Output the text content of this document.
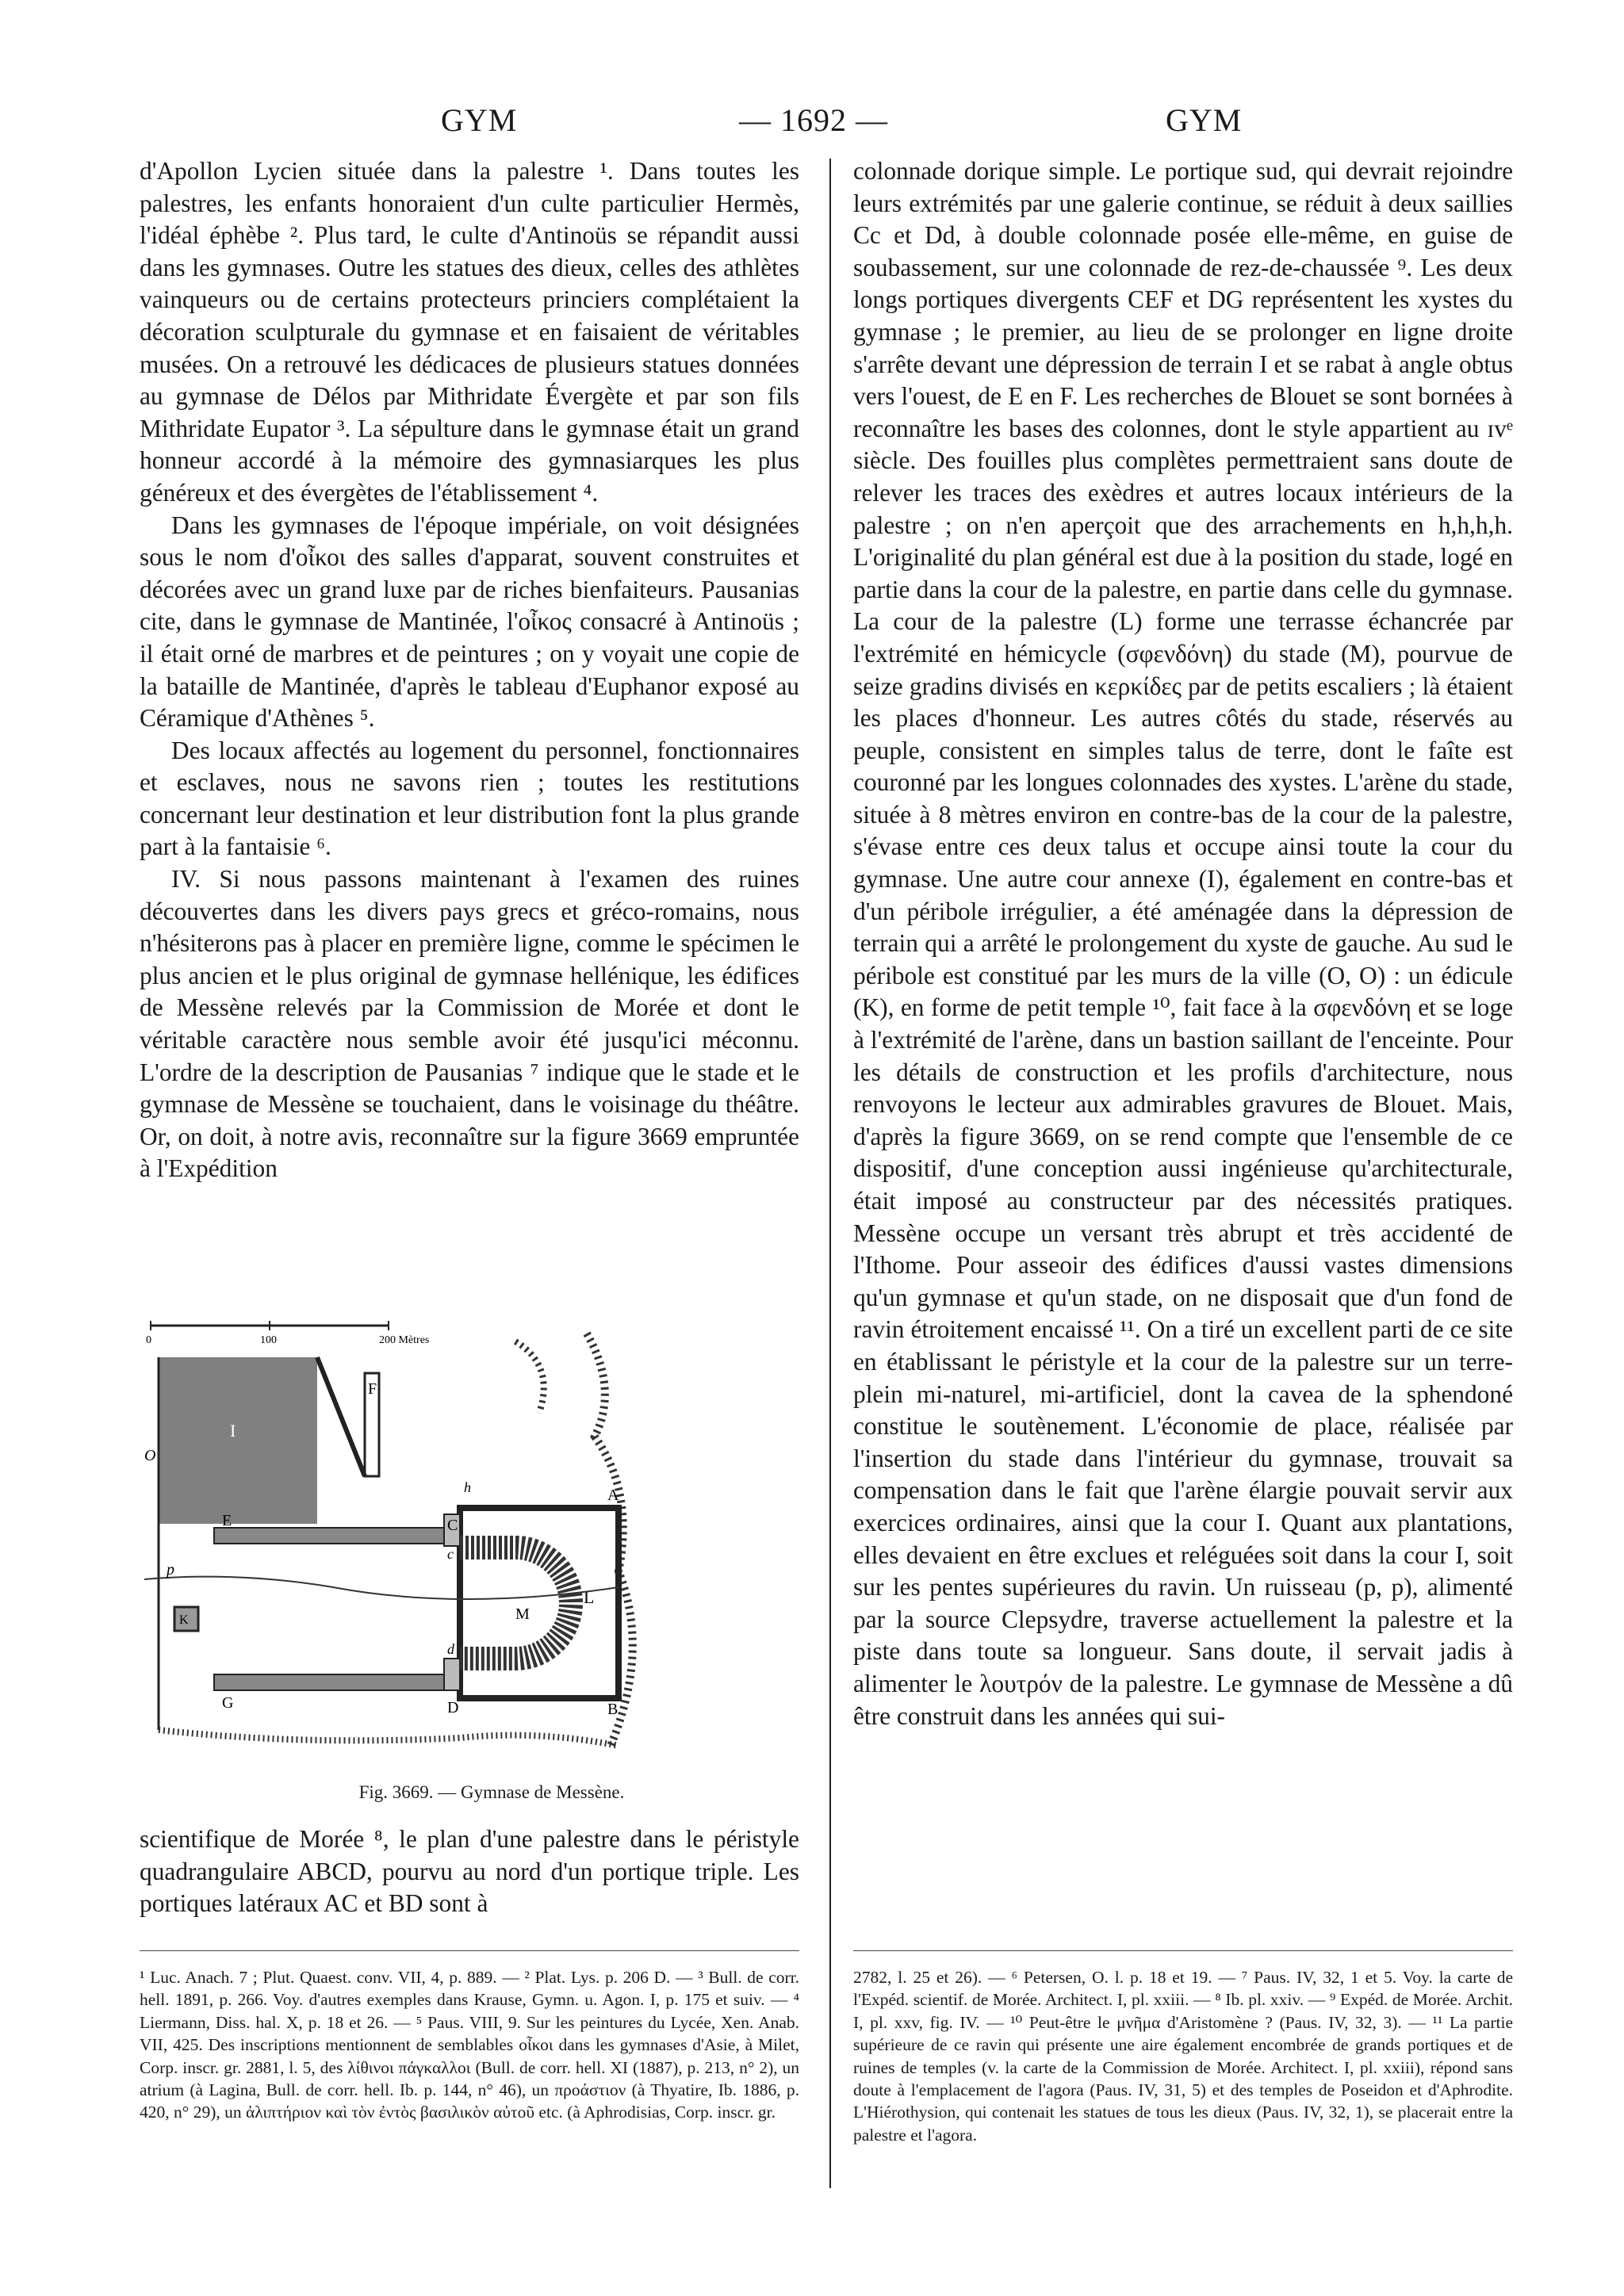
GYM	— 1692 —	GYM

d'Apollon Lycien située dans la palestre ¹. Dans toutes les palestres, les enfants honoraient d'un culte particulier Hermès, l'idéal éphèbe ². Plus tard, le culte d'Antinoüs se répandit aussi dans les gymnases. Outre les statues des dieux, celles des athlètes vainqueurs ou de certains protecteurs princiers complétaient la décoration sculpturale du gymnase et en faisaient de véritables musées. On a retrouvé les dédicaces de plusieurs statues données au gymnase de Délos par Mithridate Évergète et par son fils Mithridate Eupator ³. La sépulture dans le gymnase était un grand honneur accordé à la mémoire des gymnasiarques les plus généreux et des évergètes de l'établissement ⁴.

Dans les gymnases de l'époque impériale, on voit désignées sous le nom d'οἶκοι des salles d'apparat, souvent construites et décorées avec un grand luxe par de riches bienfaiteurs. Pausanias cite, dans le gymnase de Mantinée, l'οἶκος consacré à Antinoüs ; il était orné de marbres et de peintures ; on y voyait une copie de la bataille de Mantinée, d'après le tableau d'Euphanor exposé au Céramique d'Athènes ⁵.

Des locaux affectés au logement du personnel, fonctionnaires et esclaves, nous ne savons rien ; toutes les restitutions concernant leur destination et leur distribution font la plus grande part à la fantaisie ⁶.

IV. Si nous passons maintenant à l'examen des ruines découvertes dans les divers pays grecs et gréco-romains, nous n'hésiterons pas à placer en première ligne, comme le spécimen le plus ancien et le plus original de gymnase hellénique, les édifices de Messène relevés par la Commission de Morée et dont le véritable caractère nous semble avoir été jusqu'ici méconnu. L'ordre de la description de Pausanias ⁷ indique que le stade et le gymnase de Messène se touchaient, dans le voisinage du théâtre. Or, on doit, à notre avis, reconnaître sur la figure 3669 empruntée à l'Expédition

0	100	200 Mètres
I
F
O
E
G
C
c
d
D
A
B
L
M
K
p
h
Fig. 3669. — Gymnase de Messène.

scientifique de Morée ⁸, le plan d'une palestre dans le péristyle quadrangulaire ABCD, pourvu au nord d'un portique triple. Les portiques latéraux AC et BD sont à

colonnade dorique simple. Le portique sud, qui devrait rejoindre leurs extrémités par une galerie continue, se réduit à deux saillies Cc et Dd, à double colonnade posée elle-même, en guise de soubassement, sur une colonnade de rez-de-chaussée ⁹. Les deux longs portiques divergents CEF et DG représentent les xystes du gymnase ; le premier, au lieu de se prolonger en ligne droite s'arrête devant une dépression de terrain I et se rabat à angle obtus vers l'ouest, de E en F. Les recherches de Blouet se sont bornées à reconnaître les bases des colonnes, dont le style appartient au ɪᴠᵉ siècle. Des fouilles plus complètes permettraient sans doute de relever les traces des exèdres et autres locaux intérieurs de la palestre ; on n'en aperçoit que des arrachements en h,h,h,h. L'originalité du plan général est due à la position du stade, logé en partie dans la cour de la palestre, en partie dans celle du gymnase. La cour de la palestre (L) forme une terrasse échancrée par l'extrémité en hémicycle (σφενδόνη) du stade (M), pourvue de seize gradins divisés en κερκίδες par de petits escaliers ; là étaient les places d'honneur. Les autres côtés du stade, réservés au peuple, consistent en simples talus de terre, dont le faîte est couronné par les longues colonnades des xystes. L'arène du stade, située à 8 mètres environ en contre-bas de la cour de la palestre, s'évase entre ces deux talus et occupe ainsi toute la cour du gymnase. Une autre cour annexe (I), également en contre-bas et d'un péribole irrégulier, a été aménagée dans la dépression de terrain qui a arrêté le prolongement du xyste de gauche. Au sud le péribole est constitué par les murs de la ville (O, O) : un édicule (K), en forme de petit temple ¹⁰, fait face à la σφενδόνη et se loge à l'extrémité de l'arène, dans un bastion saillant de l'enceinte. Pour les détails de construction et les profils d'architecture, nous renvoyons le lecteur aux admirables gravures de Blouet. Mais, d'après la figure 3669, on se rend compte que l'ensemble de ce dispositif, d'une conception aussi ingénieuse qu'architecturale, était imposé au constructeur par des nécessités pratiques. Messène occupe un versant très abrupt et très accidenté de l'Ithome. Pour asseoir des édifices d'aussi vastes dimensions qu'un gymnase et qu'un stade, on ne disposait que d'un fond de ravin étroitement encaissé ¹¹. On a tiré un excellent parti de ce site en établissant le péristyle et la cour de la palestre sur un terre-plein mi-naturel, mi-artificiel, dont la cavea de la sphendoné constitue le soutènement. L'économie de place, réalisée par l'insertion du stade dans l'intérieur du gymnase, trouvait sa compensation dans le fait que l'arène élargie pouvait servir aux exercices ordinaires, ainsi que la cour I. Quant aux plantations, elles devaient en être exclues et reléguées soit dans la cour I, soit sur les pentes supérieures du ravin. Un ruisseau (p, p), alimenté par la source Clepsydre, traverse actuellement la palestre et la piste dans toute sa longueur. Sans doute, il servait jadis à alimenter le λουτρόν de la palestre. Le gymnase de Messène a dû être construit dans les années qui sui-

¹ Luc. Anach. 7 ; Plut. Quaest. conv. VII, 4, p. 889. — ² Plat. Lys. p. 206 D. — ³ Bull. de corr. hell. 1891, p. 266. Voy. d'autres exemples dans Krause, Gymn. u. Agon. I, p. 175 et suiv. — ⁴ Liermann, Diss. hal. X, p. 18 et 26. — ⁵ Paus. VIII, 9. Sur les peintures du Lycée, Xen. Anab. VII, 425. Des inscriptions mentionnent de semblables οἶκοι dans les gymnases d'Asie, à Milet, Corp. inscr. gr. 2881, l. 5, des λίθινοι πάγκαλλοι (Bull. de corr. hell. XI (1887), p. 213, n° 2), un atrium (à Lagina, Bull. de corr. hell. Ib. p. 144, n° 46), un προάστιον (à Thyatire, Ib. 1886, p. 420, n° 29), un ἀλιπτήριον καὶ τὸν ἐντὸς βασιλικὸν αὐτοῦ etc. (à Aphrodisias, Corp. inscr. gr.

2782, l. 25 et 26). — ⁶ Petersen, O. l. p. 18 et 19. — ⁷ Paus. IV, 32, 1 et 5. Voy. la carte de l'Expéd. scientif. de Morée. Architect. I, pl. xxiii. — ⁸ Ib. pl. xxiv. — ⁹ Expéd. de Morée. Archit. I, pl. xxv, fig. IV. — ¹⁰ Peut-être le μνῆμα d'Aristomène ? (Paus. IV, 32, 3). — ¹¹ La partie supérieure de ce ravin qui présente une aire également encombrée de grands portiques et de ruines de temples (v. la carte de la Commission de Morée. Architect. I, pl. xxiii), répond sans doute à l'emplacement de l'agora (Paus. IV, 31, 5) et des temples de Poseidon et d'Aphrodite. L'Hiérothysion, qui contenait les statues de tous les dieux (Paus. IV, 32, 1), se placerait entre la palestre et l'agora.
